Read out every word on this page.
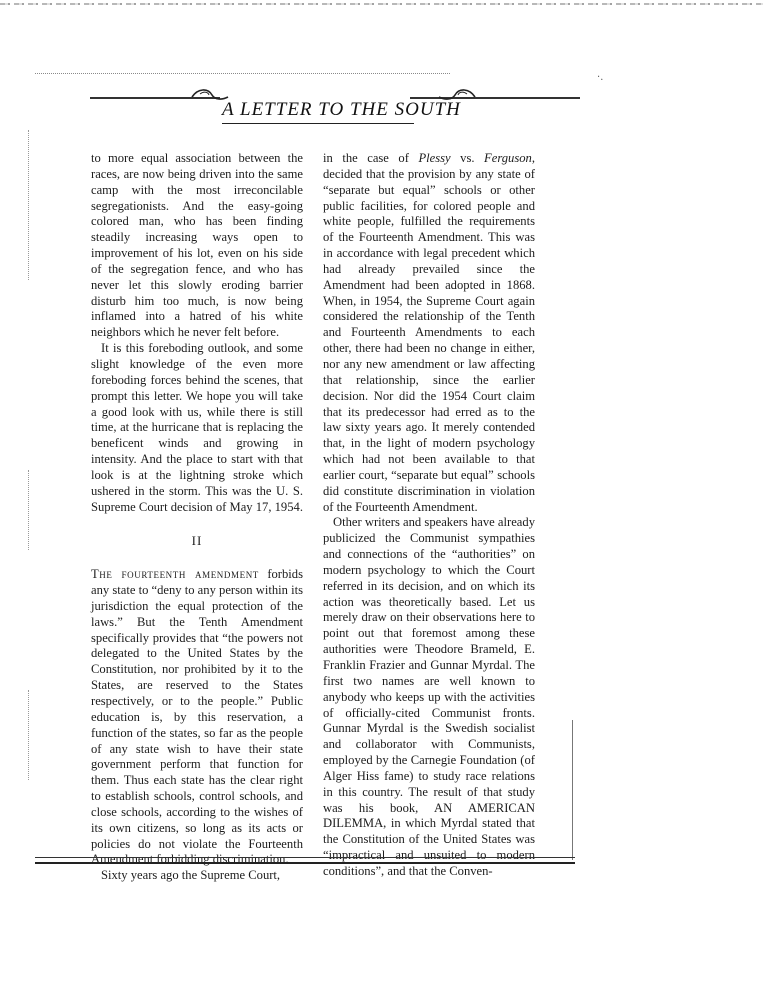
‧․
A LETTER TO THE SOUTH

to more equal association between the races, are now being driven into the same camp with the most irreconcilable segregationists. And the easy-going colored man, who has been finding steadily increasing ways open to improvement of his lot, even on his side of the segregation fence, and who has never let this slowly eroding barrier disturb him too much, is now being inflamed into a hatred of his white neighbors which he never felt before.

It is this foreboding outlook, and some slight knowledge of the even more foreboding forces behind the scenes, that prompt this letter. We hope you will take a good look with us, while there is still time, at the hurricane that is replacing the beneficent winds and growing in intensity. And the place to start with that look is at the lightning stroke which ushered in the storm. This was the U. S. Supreme Court decision of May 17, 1954.

II

The fourteenth amendment forbids any state to “deny to any person within its jurisdiction the equal protection of the laws.” But the Tenth Amendment specifically provides that “the powers not delegated to the United States by the Constitution, nor prohibited by it to the States, are reserved to the States respectively, or to the people.” Public education is, by this reservation, a function of the states, so far as the people of any state wish to have their state government perform that function for them. Thus each state has the clear right to establish schools, control schools, and close schools, according to the wishes of its own citizens, so long as its acts or policies do not violate the Fourteenth Amendment forbidding discrimination.

Sixty years ago the Supreme Court,

in the case of Plessy vs. Ferguson, decided that the provision by any state of “separate but equal” schools or other public facilities, for colored people and white people, fulfilled the requirements of the Fourteenth Amendment. This was in accordance with legal precedent which had already prevailed since the Amendment had been adopted in 1868. When, in 1954, the Supreme Court again considered the relationship of the Tenth and Fourteenth Amendments to each other, there had been no change in either, nor any new amendment or law affecting that relationship, since the earlier decision. Nor did the 1954 Court claim that its predecessor had erred as to the law sixty years ago. It merely contended that, in the light of modern psychology which had not been available to that earlier court, “separate but equal” schools did constitute discrimination in violation of the Fourteenth Amendment.

Other writers and speakers have already publicized the Communist sympathies and connections of the “authorities” on modern psychology to which the Court referred in its decision, and on which its action was theoretically based. Let us merely draw on their observations here to point out that foremost among these authorities were Theodore Brameld, E. Franklin Frazier and Gunnar Myrdal. The first two names are well known to anybody who keeps up with the activities of officially-cited Communist fronts. Gunnar Myrdal is the Swedish socialist and collaborator with Communists, employed by the Carnegie Foundation (of Alger Hiss fame) to study race relations in this country. The result of that study was his book, AN AMERICAN DILEMMA, in which Myrdal stated that the Constitution of the United States was “impractical and unsuited to modern conditions”, and that the Conven-
